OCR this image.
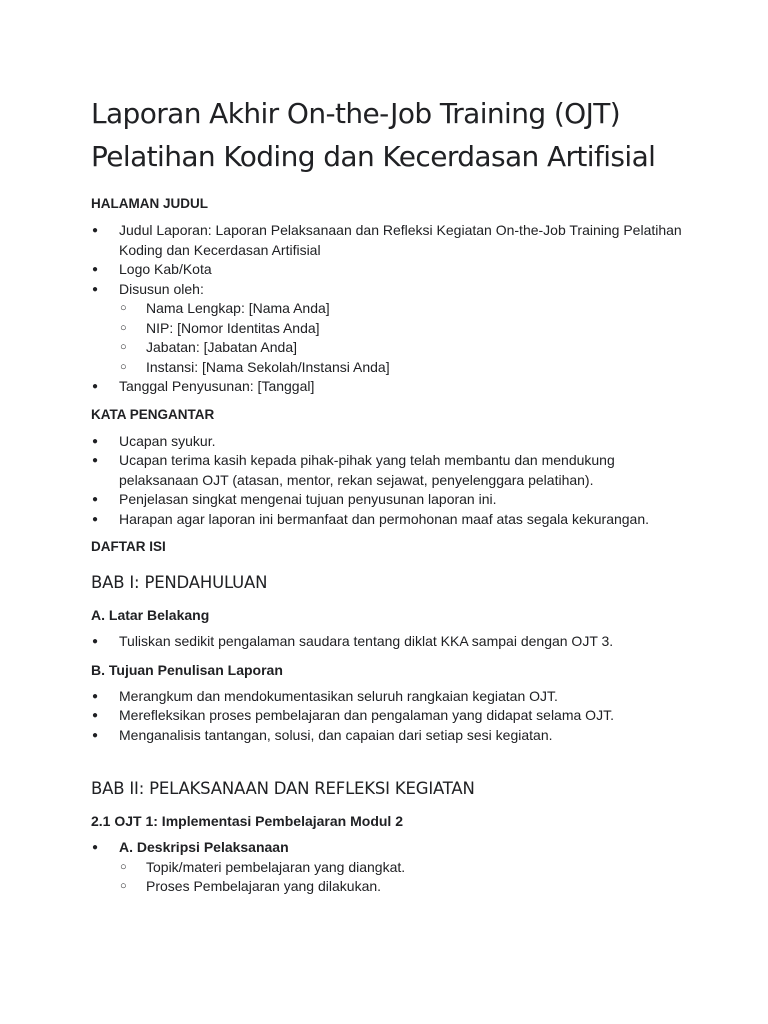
Laporan Akhir On-the-Job Training (OJT) Pelatihan Koding dan Kecerdasan Artifisial

HALAMAN JUDUL

● Judul Laporan: Laporan Pelaksanaan dan Refleksi Kegiatan On-the-Job Training Pelatihan Koding dan Kecerdasan Artifisial
● Logo Kab/Kota
● Disusun oleh:
○ Nama Lengkap: [Nama Anda]
○ NIP: [Nomor Identitas Anda]
○ Jabatan: [Jabatan Anda]
○ Instansi: [Nama Sekolah/Instansi Anda]
● Tanggal Penyusunan: [Tanggal]

KATA PENGANTAR

● Ucapan syukur.
● Ucapan terima kasih kepada pihak-pihak yang telah membantu dan mendukung pelaksanaan OJT (atasan, mentor, rekan sejawat, penyelenggara pelatihan).
● Penjelasan singkat mengenai tujuan penyusunan laporan ini.
● Harapan agar laporan ini bermanfaat dan permohonan maaf atas segala kekurangan.

DAFTAR ISI

BAB I: PENDAHULUAN

A. Latar Belakang

● Tuliskan sedikit pengalaman saudara tentang diklat KKA sampai dengan OJT 3.

B. Tujuan Penulisan Laporan

● Merangkum dan mendokumentasikan seluruh rangkaian kegiatan OJT.
● Merefleksikan proses pembelajaran dan pengalaman yang didapat selama OJT.
● Menganalisis tantangan, solusi, dan capaian dari setiap sesi kegiatan.

BAB II: PELAKSANAAN DAN REFLEKSI KEGIATAN

2.1 OJT 1: Implementasi Pembelajaran Modul 2

● A. Deskripsi Pelaksanaan
○ Topik/materi pembelajaran yang diangkat.
○ Proses Pembelajaran yang dilakukan.
